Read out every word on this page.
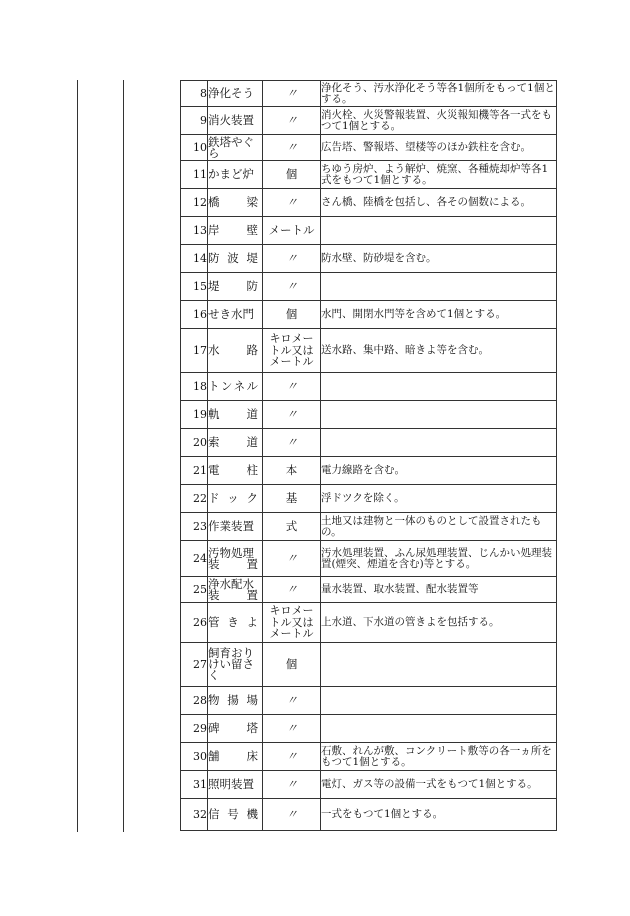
8	浄化そう	〃	浄化そう、汚水浄化そう等各1個所をもって1個とする。
9	消火装置	〃	消火栓、火災警報装置、火災報知機等各一式をもつて1個とする。
10	鉄塔やぐら	〃	広告塔、警報塔、望楼等のほか鉄柱を含む。
11	かまど炉	個	ちゆう房炉、よう解炉、焼窯、各種焼却炉等各1式をもつて1個とする。
12	橋 梁	〃	さん橋、陸橋を包括し、各その個数による。
13	岸 壁	メートル	
14	防 波 堤	〃	防水壁、防砂堤を含む。
15	堤 防	〃	
16	せき水門	個	水門、開閉水門等を含めて1個とする。
17	水 路	キロメートル又はメートル	送水路、集中路、暗きよ等を含む。
18	ト ン ネ ル	〃	
19	軌 道	〃	
20	索 道	〃	
21	電 柱	本	電力線路を含む。
22	ド ッ ク	基	浮ドツクを除く。
23	作業装置	式	土地又は建物と一体のものとして設置されたもの。
24	汚物処理
装 置	〃	汚水処理装置、ふん尿処理装置、じんかい処理装置(煙突、煙道を含む)等とする。
25	浄水配水
装 置	〃	量水装置、取水装置、配水装置等
26	管 き よ	キロメートル又はメートル	上水道、下水道の管きよを包括する。
27	飼育おり
けい留さ
く	個	
28	物 揚 場	〃	
29	碑 塔	〃	
30	舗 床	〃	石敷、れんが敷、コンクリート敷等の各一ヵ所をもつて1個とする。
31	照明装置	〃	電灯、ガス等の設備一式をもつて1個とする。
32	信 号 機	〃	一式をもつて1個とする。
